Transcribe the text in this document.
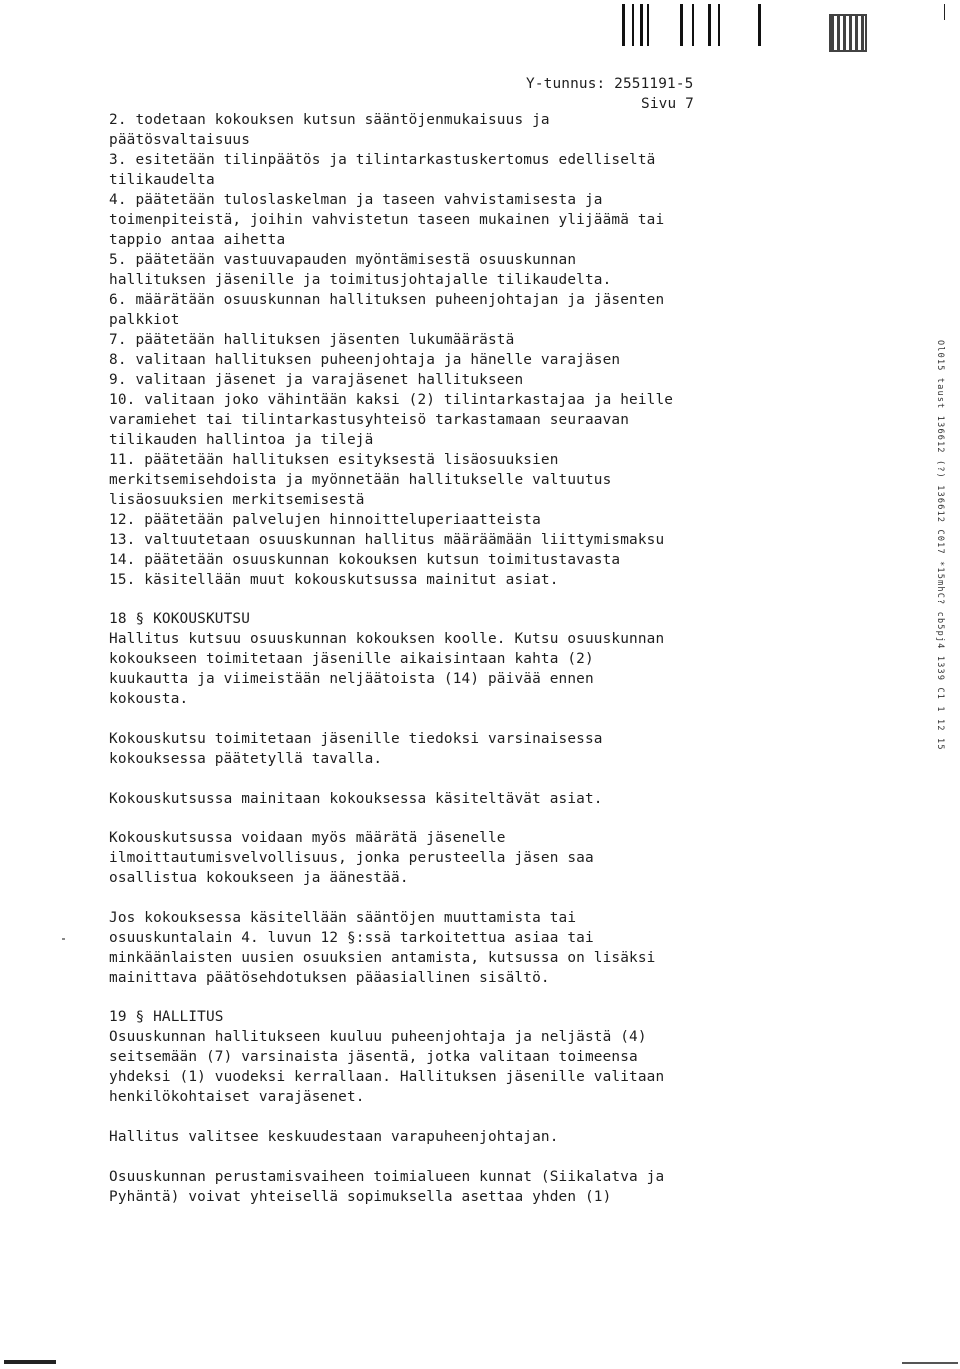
Y-tunnus: 2551191-5
Sivu 7
2. todetaan kokouksen kutsun sääntöjenmukaisuus ja
päätösvaltaisuus
3. esitetään tilinpäätös ja tilintarkastuskertomus edelliseltä
tilikaudelta
4. päätetään tuloslaskelman ja taseen vahvistamisesta ja
toimenpiteistä, joihin vahvistetun taseen mukainen ylijäämä tai
tappio antaa aihetta
5. päätetään vastuuvapauden myöntämisestä osuuskunnan
hallituksen jäsenille ja toimitusjohtajalle tilikaudelta.
6. määrätään osuuskunnan hallituksen puheenjohtajan ja jäsenten
palkkiot
7. päätetään hallituksen jäsenten lukumäärästä
8. valitaan hallituksen puheenjohtaja ja hänelle varajäsen
9. valitaan jäsenet ja varajäsenet hallitukseen
10. valitaan joko vähintään kaksi (2) tilintarkastajaa ja heille
varamiehet tai tilintarkastusyhteisö tarkastamaan seuraavan
tilikauden hallintoa ja tilejä
11. päätetään hallituksen esityksestä lisäosuuksien
merkitsemisehdoista ja myönnetään hallitukselle valtuutus
lisäosuuksien merkitsemisestä
12. päätetään palvelujen hinnoitteluperiaatteista
13. valtuutetaan osuuskunnan hallitus määräämään liittymismaksu
14. päätetään osuuskunnan kokouksen kutsun toimitustavasta
15. käsitellään muut kokouskutsussa mainitut asiat.
18 § KOKOUSKUTSU
Hallitus kutsuu osuuskunnan kokouksen koolle. Kutsu osuuskunnan
kokoukseen toimitetaan jäsenille aikaisintaan kahta (2)
kuukautta ja viimeistään neljäätoista (14) päivää ennen
kokousta.
Kokouskutsu toimitetaan jäsenille tiedoksi varsinaisessa
kokouksessa päätetyllä tavalla.
Kokouskutsussa mainitaan kokouksessa käsiteltävät asiat.
Kokouskutsussa voidaan myös määrätä jäsenelle
ilmoittautumisvelvollisuus, jonka perusteella jäsen saa
osallistua kokoukseen ja äänestää.
Jos kokouksessa käsitellään sääntöjen muuttamista tai
osuuskuntalain 4. luvun 12 §:ssä tarkoitettua asiaa tai
minkäänlaisten uusien osuuksien antamista, kutsussa on lisäksi
mainittava päätösehdotuksen pääasiallinen sisältö.
19 § HALLITUS
Osuuskunnan hallitukseen kuuluu puheenjohtaja ja neljästä (4)
seitsemään (7) varsinaista jäsentä, jotka valitaan toimeensa
yhdeksi (1) vuodeksi kerrallaan. Hallituksen jäsenille valitaan
henkilökohtaiset varajäsenet.
Hallitus valitsee keskuudestaan varapuheenjohtajan.
Osuuskunnan perustamisvaiheen toimialueen kunnat (Siikalatva ja
Pyhäntä) voivat yhteisellä sopimuksella asettaa yhden (1)
Ol015 taust 136612 (?) 136612 C017 *15mhC? cb5pj4 1339 C1 1 12 15
